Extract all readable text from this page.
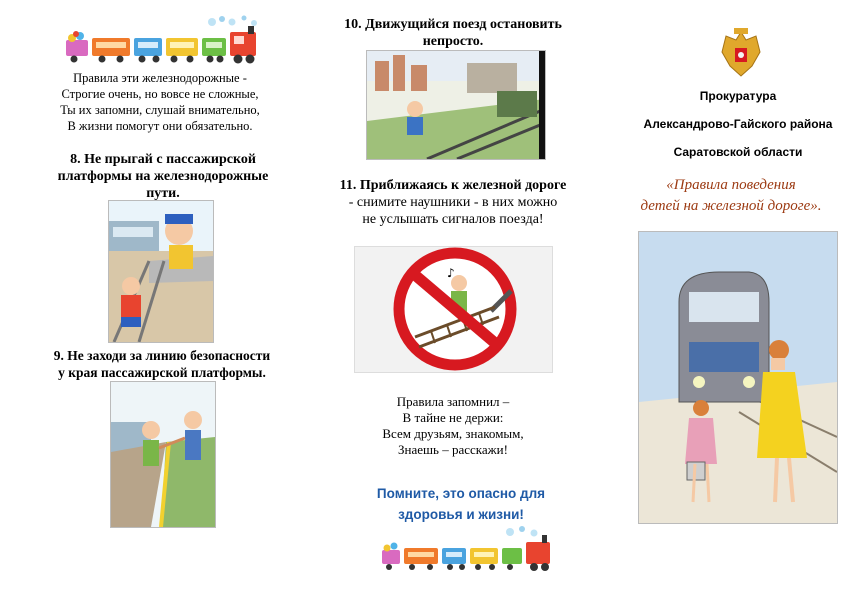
Правила эти железнодорожные -
Строгие очень, но вовсе не сложные,
Ты их запомни, слушай внимательно,
В жизни помогут они обязательно.
8. Не прыгай с пассажирской
платформы на железнодорожные
пути.
9. Не заходи за линию безопасности
у края пассажирской платформы.
10. Движущийся поезд остановить
непросто.
11. Приближаясь к железной дороге
- снимите наушники - в них можно
не услышать сигналов поезда!
♪
Правила запомнил –
В тайне не держи:
Всем друзьям, знакомым,
Знаешь – расскажи!
Помните, это опасно для
здоровья и жизни!
Прокуратура
Александрово-Гайского района
Саратовской области
«Правила поведения
детей на железной дороге».
